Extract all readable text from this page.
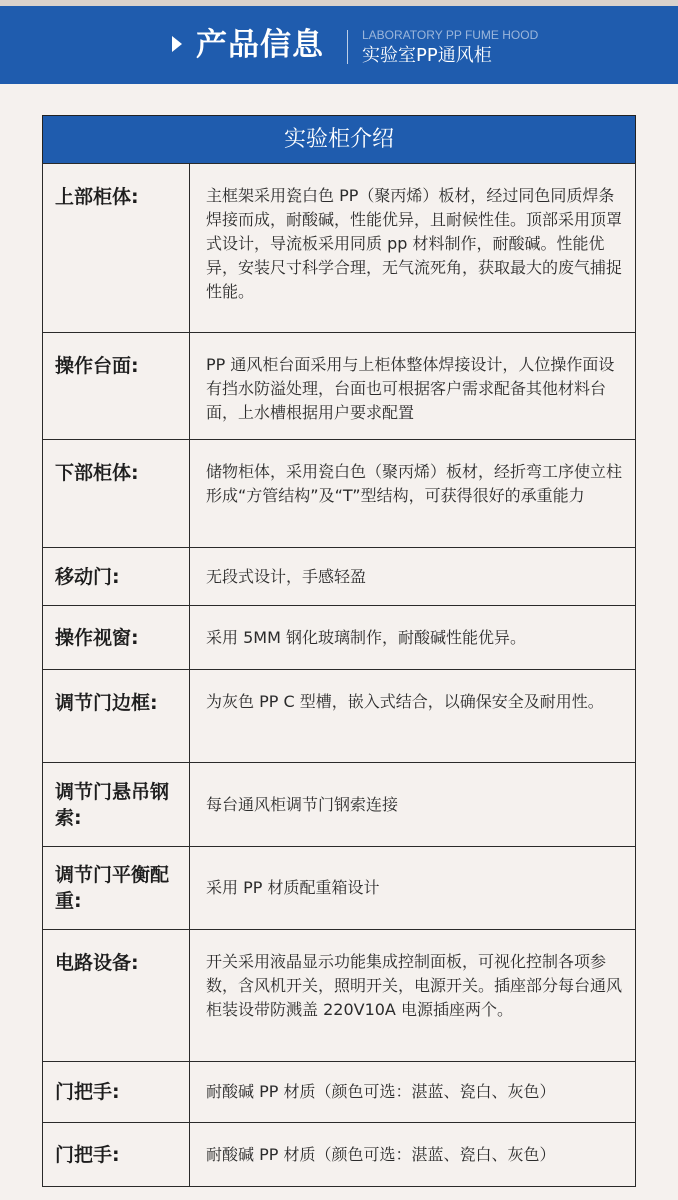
产品信息	LABORATORY PP FUME HOOD
实验室PP通风柜
实验柜介绍
上部柜体:	主框架采用瓷白色 PP（聚丙烯）板材，经过同色同质焊条焊接而成，耐酸碱，性能优异，且耐候性佳。顶部采用顶罩式设计，导流板采用同质 pp 材料制作，耐酸碱。性能优异，安装尺寸科学合理，无气流死角，获取最大的废气捕捉性能。

操作台面:	PP 通风柜台面采用与上柜体整体焊接设计，人位操作面设有挡水防溢处理，台面也可根据客户需求配备其他材料台面，上水槽根据用户要求配置

下部柜体:	储物柜体，采用瓷白色（聚丙烯）板材，经折弯工序使立柱形成“方管结构”及“T”型结构，可获得很好的承重能力

移动门:	无段式设计，手感轻盈

操作视窗:	采用 5MM 钢化玻璃制作，耐酸碱性能优异。

调节门边框:	为灰色 PP C 型槽，嵌入式结合，以确保安全及耐用性。

调节门悬吊钢索:	每台通风柜调节门钢索连接

调节门平衡配重:	采用 PP 材质配重箱设计

电路设备:	开关采用液晶显示功能集成控制面板，可视化控制各项参数，含风机开关，照明开关，电源开关。插座部分每台通风柜装设带防溅盖 220V10A 电源插座两个。

门把手:	耐酸碱 PP 材质（颜色可选：湛蓝、瓷白、灰色）

门把手:	耐酸碱 PP 材质（颜色可选：湛蓝、瓷白、灰色）
